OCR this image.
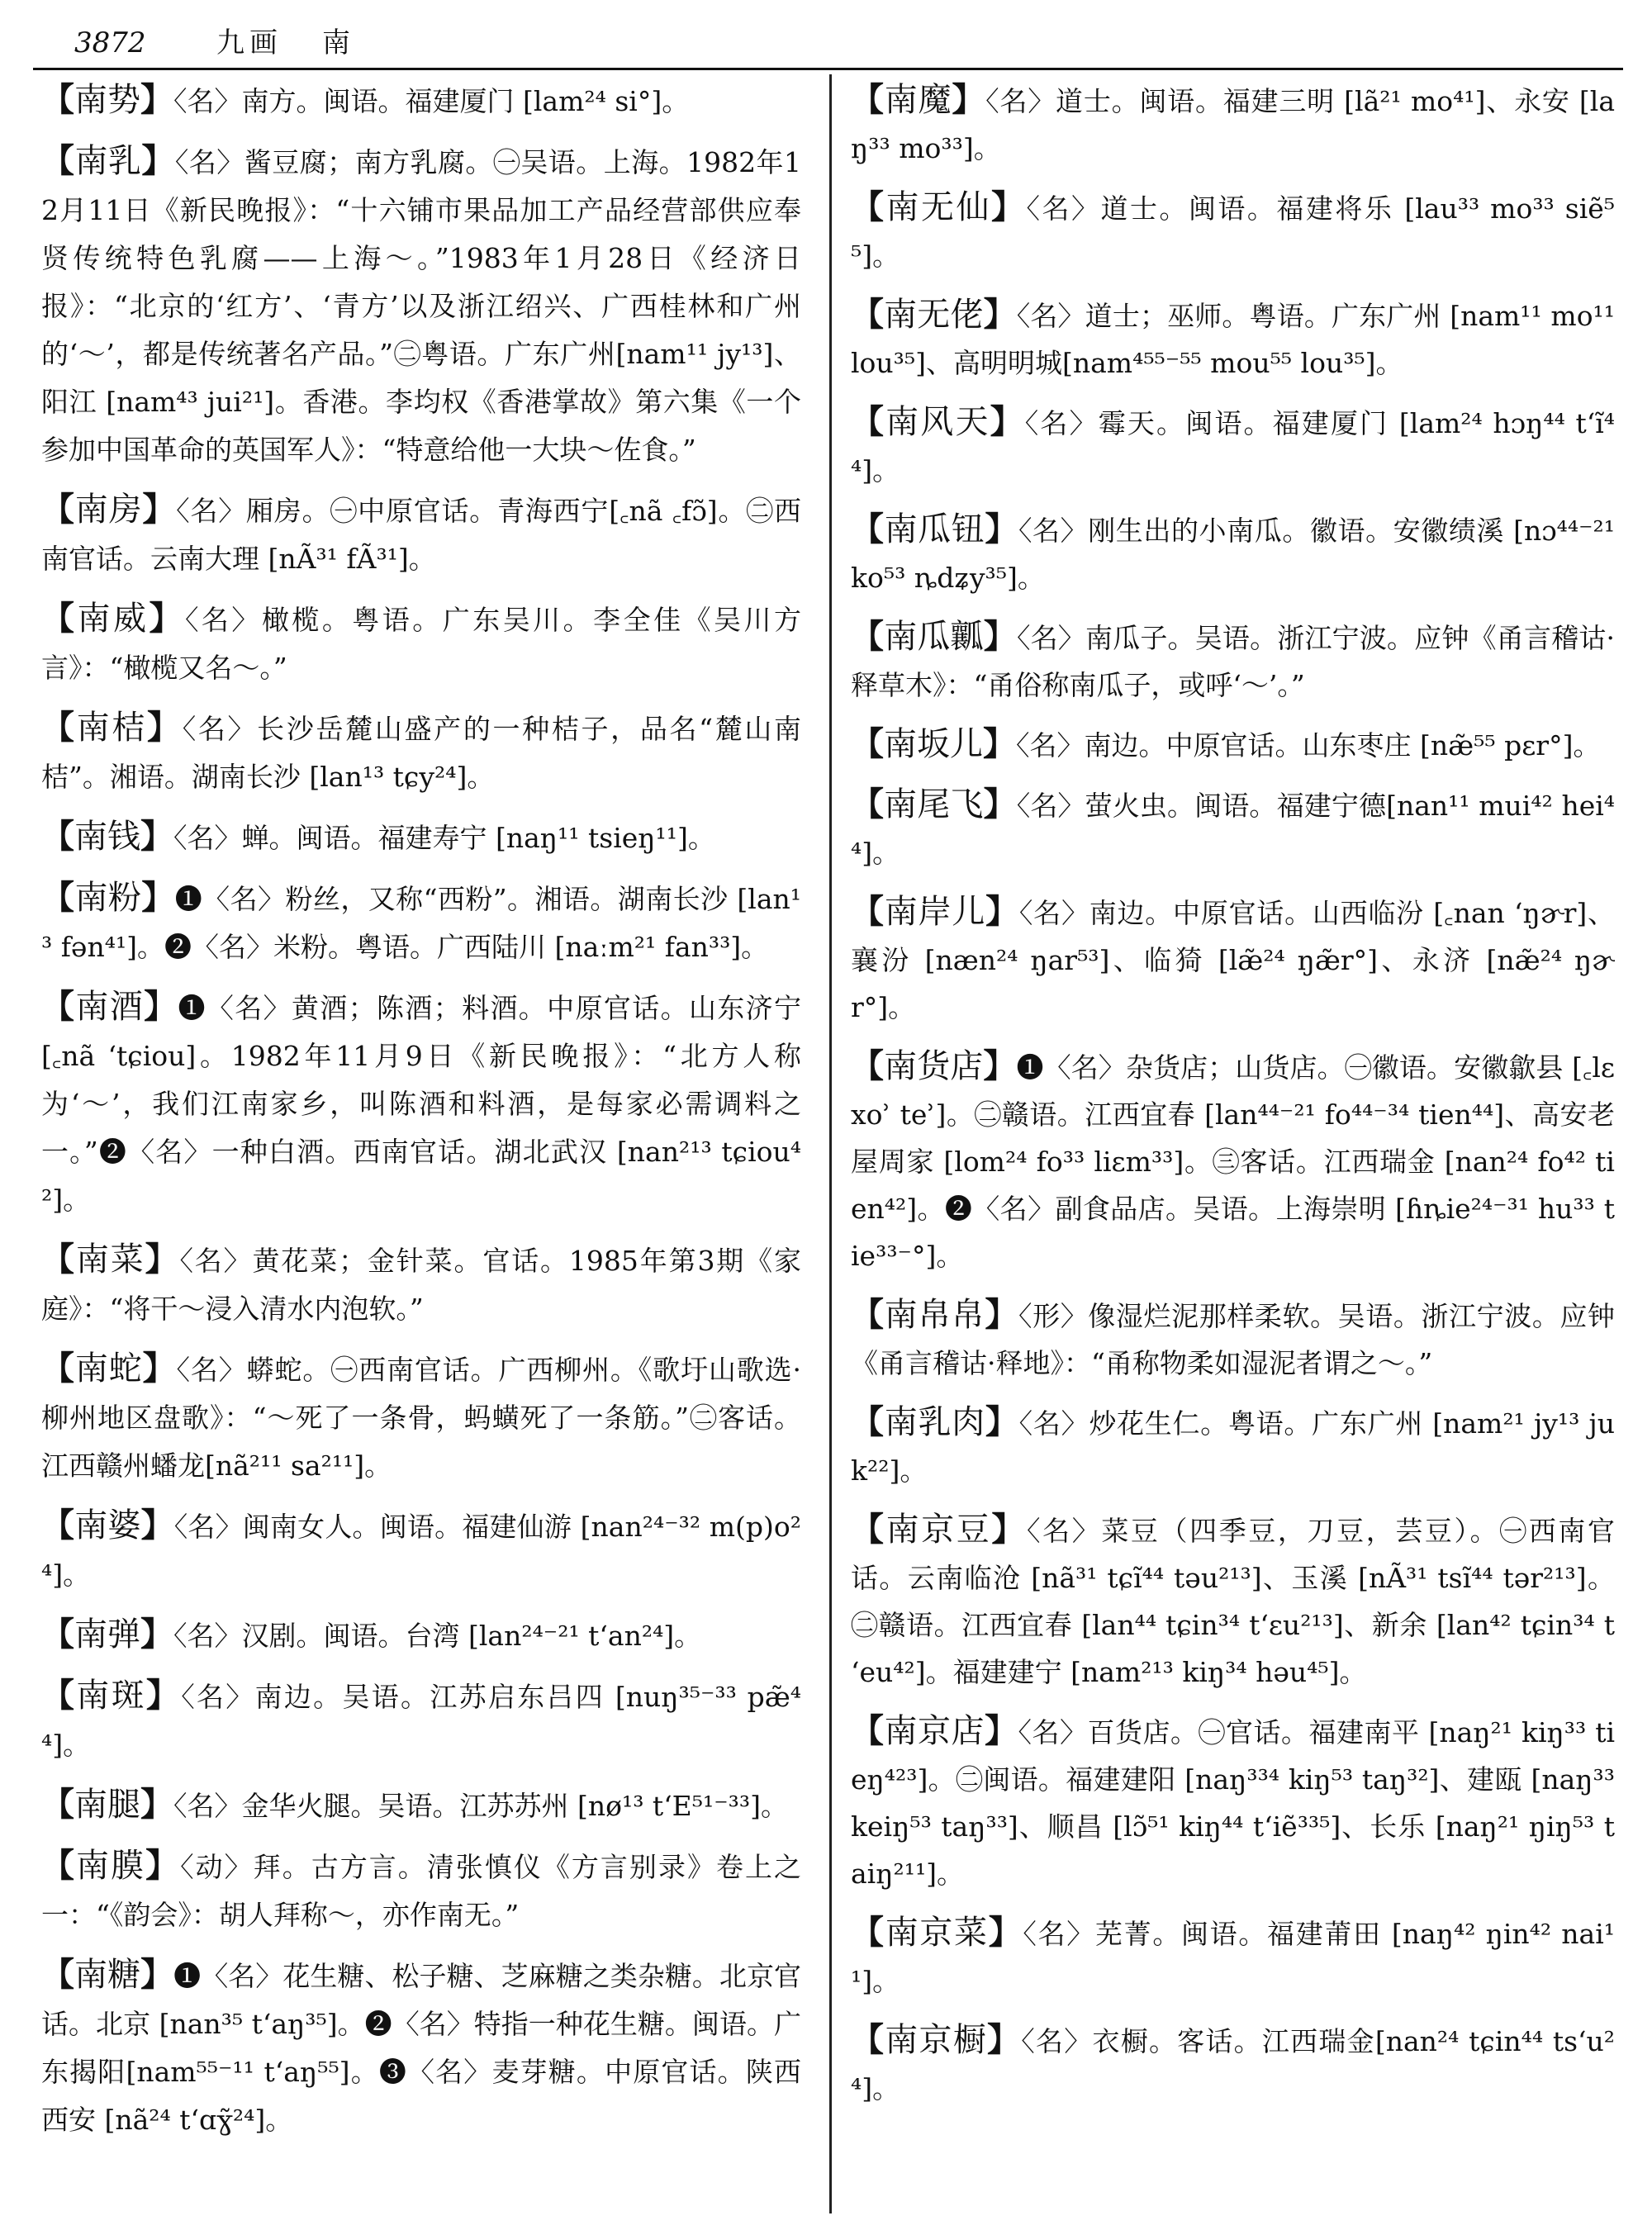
3872	九画 南
【南势】〈名〉南方。闽语。福建厦门 [lam²⁴ si°]。
【南乳】〈名〉酱豆腐；南方乳腐。㊀吴语。上海。1982年12月11日《新民晚报》：“十六铺市果品加工产品经营部供应奉贤传统特色乳腐——上海～。”1983年1月28日《经济日报》：“北京的‘红方’、‘青方’以及浙江绍兴、广西桂林和广州的‘～’，都是传统著名产品。”㊁粤语。广东广州[nam¹¹ jy¹³]、阳江 [nam⁴³ jui²¹]。香港。李均权《香港掌故》第六集《一个参加中国革命的英国军人》：“特意给他一大块～佐食。”
【南房】〈名〉厢房。㊀中原官话。青海西宁[꜀nã ꜀fɔ̃]。㊁西南官话。云南大理 [nÃ³¹ fÃ³¹]。
【南威】〈名〉橄榄。粤语。广东吴川。李全佳《吴川方言》：“橄榄又名～。”
【南桔】〈名〉长沙岳麓山盛产的一种桔子，品名“麓山南桔”。湘语。湖南长沙 [lan¹³ tɕy²⁴]。
【南钱】〈名〉蝉。闽语。福建寿宁 [naŋ¹¹ tsieŋ¹¹]。
【南粉】❶〈名〉粉丝，又称“西粉”。湘语。湖南长沙 [lan¹³ fən⁴¹]。❷〈名〉米粉。粤语。广西陆川 [naːm²¹ fan³³]。
【南酒】❶〈名〉黄酒；陈酒；料酒。中原官话。山东济宁 [꜀nã ʻtɕiou]。1982年11月9日《新民晚报》：“北方人称为‘～’，我们江南家乡，叫陈酒和料酒，是每家必需调料之一。”❷〈名〉一种白酒。西南官话。湖北武汉 [nan²¹³ tɕiou⁴²]。
【南菜】〈名〉黄花菜；金针菜。官话。1985年第3期《家庭》：“将干～浸入清水内泡软。”
【南蛇】〈名〉蟒蛇。㊀西南官话。广西柳州。《歌圩山歌选·柳州地区盘歌》：“～死了一条骨，蚂蟥死了一条筋。”㊁客话。江西赣州蟠龙[nã²¹¹ sa²¹¹]。
【南婆】〈名〉闽南女人。闽语。福建仙游 [nan²⁴⁻³² m(p)o²⁴]。
【南弹】〈名〉汉剧。闽语。台湾 [lan²⁴⁻²¹ tʻan²⁴]。
【南斑】〈名〉南边。吴语。江苏启东吕四 [nuŋ³⁵⁻³³ pæ̃⁴⁴]。
【南腿】〈名〉金华火腿。吴语。江苏苏州 [nø¹³ tʻE⁵¹⁻³³]。
【南膜】〈动〉拜。古方言。清张慎仪《方言别录》卷上之一：“《韵会》：胡人拜称～，亦作南无。”
【南糖】❶〈名〉花生糖、松子糖、芝麻糖之类杂糖。北京官话。北京 [nan³⁵ tʻaŋ³⁵]。❷〈名〉特指一种花生糖。闽语。广东揭阳[nam⁵⁵⁻¹¹ tʻaŋ⁵⁵]。❸〈名〉麦芽糖。中原官话。陕西西安 [nã²⁴ tʻɑɣ̃²⁴]。
【南魔】〈名〉道士。闽语。福建三明 [lã²¹ mo⁴¹]、永安 [laŋ³³ mo³³]。
【南无仙】〈名〉道士。闽语。福建将乐 [lau³³ mo³³ siẽ⁵⁵]。
【南无佬】〈名〉道士；巫师。粤语。广东广州 [nam¹¹ mo¹¹ lou³⁵]、高明明城[nam⁴⁵⁵⁻⁵⁵ mou⁵⁵ lou³⁵]。
【南风天】〈名〉霉天。闽语。福建厦门 [lam²⁴ hɔŋ⁴⁴ tʻĩ⁴⁴]。
【南瓜钮】〈名〉刚生出的小南瓜。徽语。安徽绩溪 [nɔ⁴⁴⁻²¹ ko⁵³ ȵdʑy³⁵]。
【南瓜瓤】〈名〉南瓜子。吴语。浙江宁波。应钟《甬言稽诂·释草木》：“甬俗称南瓜子，或呼‘～’。”
【南坂儿】〈名〉南边。中原官话。山东枣庄 [næ̃⁵⁵ pɛr°]。
【南尾飞】〈名〉萤火虫。闽语。福建宁德[nan¹¹ mui⁴² hei⁴⁴]。
【南岸儿】〈名〉南边。中原官话。山西临汾 [꜀nan ʻŋɚr]、襄汾 [næn²⁴ ŋar⁵³]、临猗 [læ̃²⁴ ŋæ̃r°]、永济 [næ̃²⁴ ŋɚr°]。
【南货店】❶〈名〉杂货店；山货店。㊀徽语。安徽歙县 [꜀lɛ xoʾ teʾ]。㊁赣语。江西宜春 [lan⁴⁴⁻²¹ fo⁴⁴⁻³⁴ tien⁴⁴]、高安老屋周家 [lom²⁴ fo³³ liɛm³³]。㊂客话。江西瑞金 [nan²⁴ fo⁴² tien⁴²]。❷〈名〉副食品店。吴语。上海崇明 [ɦȵie²⁴⁻³¹ hu³³ tie³³⁻°]。
【南帛帛】〈形〉像湿烂泥那样柔软。吴语。浙江宁波。应钟《甬言稽诂·释地》：“甬称物柔如湿泥者谓之～。”
【南乳肉】〈名〉炒花生仁。粤语。广东广州 [nam²¹ jy¹³ juk²²]。
【南京豆】〈名〉菜豆（四季豆，刀豆，芸豆）。㊀西南官话。云南临沧 [nã³¹ tɕĩ⁴⁴ təu²¹³]、玉溪 [nÃ³¹ tsĩ⁴⁴ tər²¹³]。㊁赣语。江西宜春 [lan⁴⁴ tɕin³⁴ tʻɛu²¹³]、新余 [lan⁴² tɕin³⁴ tʻeu⁴²]。福建建宁 [nam²¹³ kiŋ³⁴ həu⁴⁵]。
【南京店】〈名〉百货店。㊀官话。福建南平 [naŋ²¹ kiŋ³³ tieŋ⁴²³]。㊁闽语。福建建阳 [naŋ³³⁴ kiŋ⁵³ taŋ³²]、建瓯 [naŋ³³ keiŋ⁵³ taŋ³³]、顺昌 [lɔ̃⁵¹ kiŋ⁴⁴ tʻiẽ³³⁵]、长乐 [naŋ²¹ ŋiŋ⁵³ taiŋ²¹¹]。
【南京菜】〈名〉芜菁。闽语。福建莆田 [naŋ⁴² ŋin⁴² nai¹¹]。
【南京橱】〈名〉衣橱。客话。江西瑞金[nan²⁴ tɕin⁴⁴ tsʻu²⁴]。
